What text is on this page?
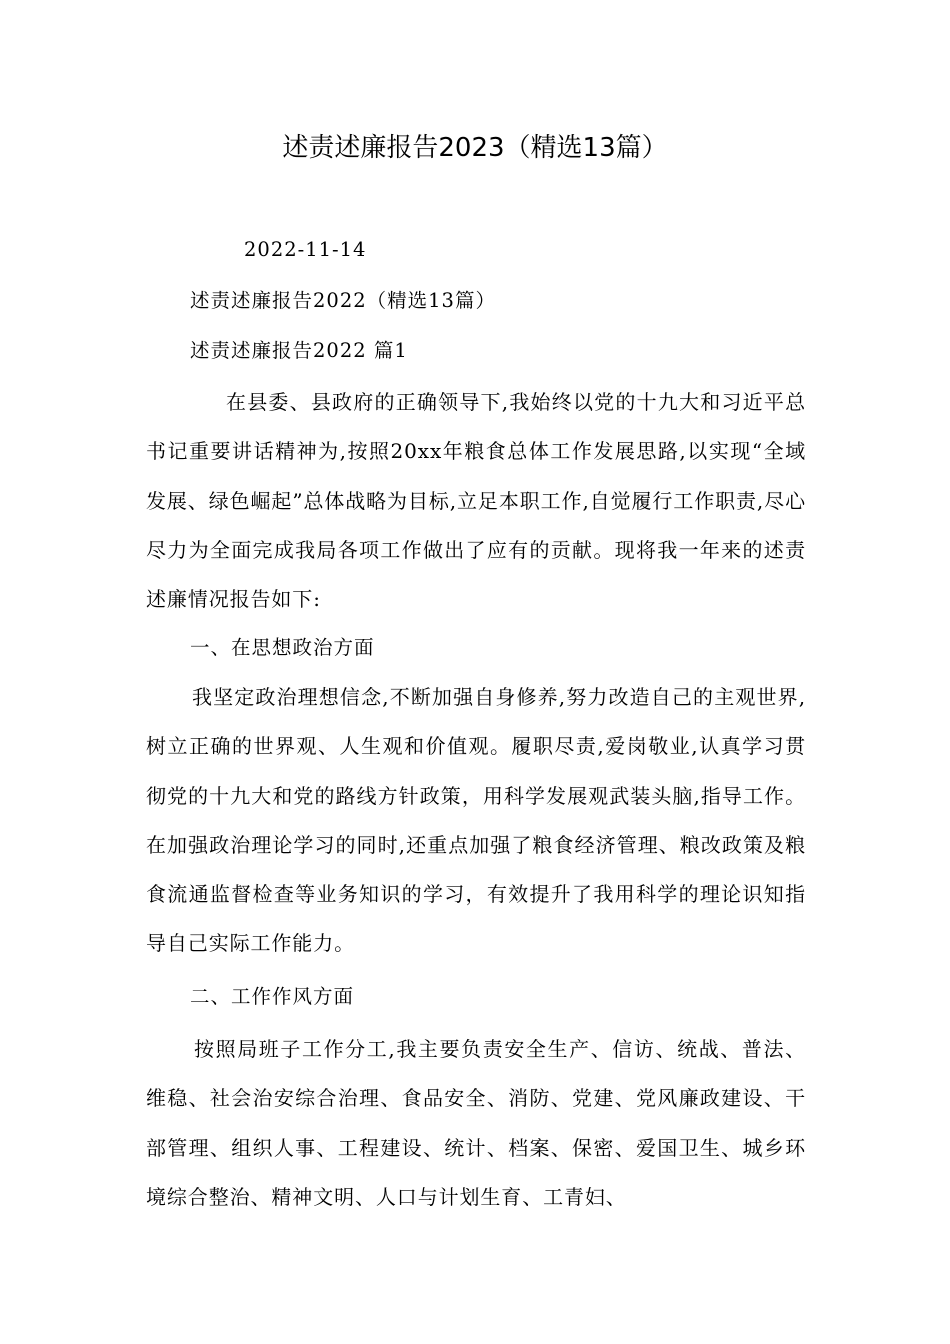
述责述廉报告2023（精选13篇）
2022-11-14
述责述廉报告2022（精选13篇）
述责述廉报告2022 篇1
在县委、县政府的正确领导下,我始终以党的十九大和习近平总书记重要讲话精神为,按照20xx年粮食总体工作发展思路,以实现“全域发展、绿色崛起”总体战略为目标,立足本职工作,自觉履行工作职责,尽心尽力为全面完成我局各项工作做出了应有的贡献。现将我一年来的述责述廉情况报告如下:
一、在思想政治方面
我坚定政治理想信念,不断加强自身修养,努力改造自己的主观世界,树立正确的世界观、人生观和价值观。履职尽责,爱岗敬业,认真学习贯彻党的十九大和党的路线方针政策，用科学发展观武装头脑,指导工作。在加强政治理论学习的同时,还重点加强了粮食经济管理、粮改政策及粮食流通监督检查等业务知识的学习，有效提升了我用科学的理论识知指导自己实际工作能力。
二、工作作风方面
按照局班子工作分工,我主要负责安全生产、信访、统战、普法、维稳、社会治安综合治理、食品安全、消防、党建、党风廉政建设、干部管理、组织人事、工程建设、统计、档案、保密、爱国卫生、城乡环境综合整治、精神文明、人口与计划生育、工青妇、
